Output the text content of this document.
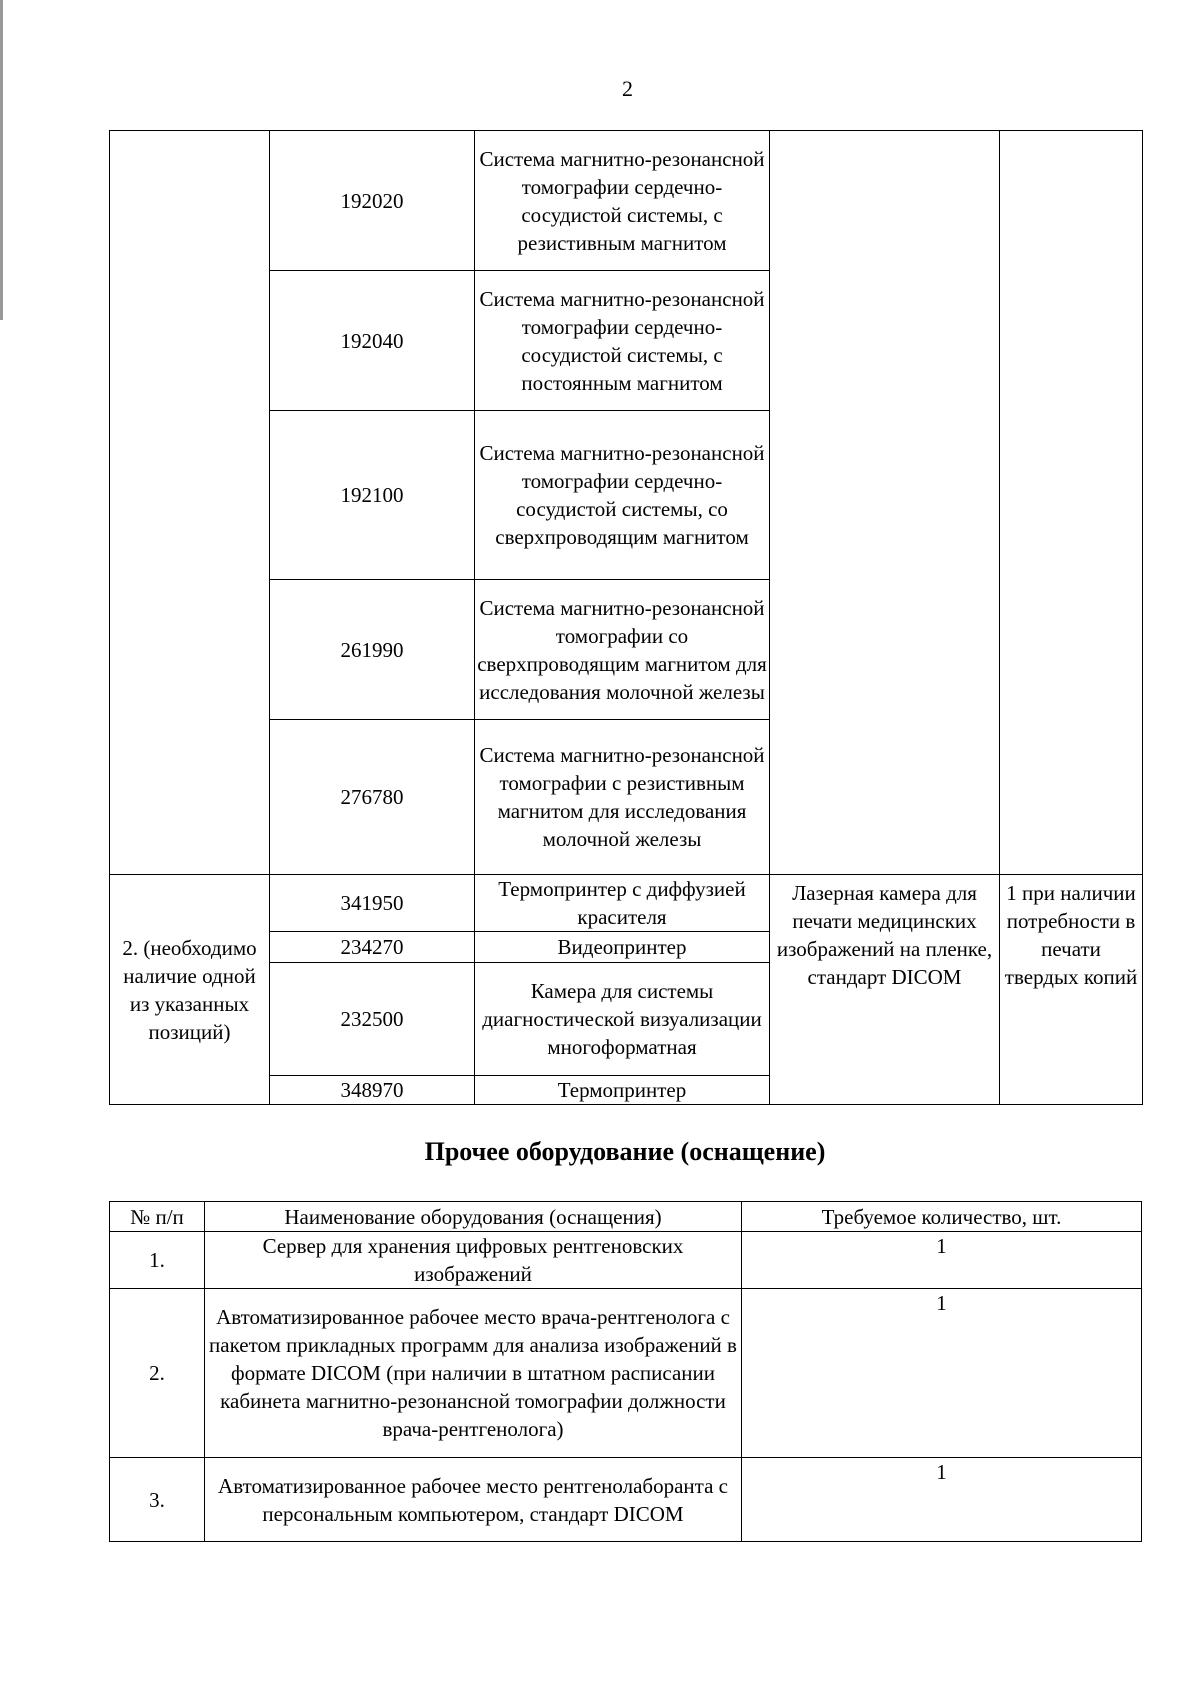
2
	192020	Система магнитно-резонансной томографии сердечно-сосудистой системы, с резистивным магнитом		
	192040	Система магнитно-резонансной томографии сердечно-сосудистой системы, с постоянным магнитом		
	192100	Система магнитно-резонансной томографии сердечно-сосудистой системы, со сверхпроводящим магнитом		
	261990	Система магнитно-резонансной томографии со сверхпроводящим магнитом для исследования молочной железы		
	276780	Система магнитно-резонансной томографии с резистивным магнитом для исследования молочной железы		
2. (необходимо наличие одной из указанных позиций)	341950	Термопринтер с диффузией красителя	Лазерная камера для печати медицинских изображений на пленке, стандарт DICOM	1 при наличии потребности в печати твердых копий
	234270	Видеопринтер		
	232500	Камера для системы диагностической визуализации многоформатная		
	348970	Термопринтер		
Прочее оборудование (оснащение)
№ п/п	Наименование оборудования (оснащения)	Требуемое количество, шт.
1.	Сервер для хранения цифровых рентгеновских изображений	1
2.	Автоматизированное рабочее место врача-рентгенолога с пакетом прикладных программ для анализа изображений в формате DICOM (при наличии в штатном расписании кабинета магнитно-резонансной томографии должности врача-рентгенолога)	1
3.	Автоматизированное рабочее место рентгенолаборанта с персональным компьютером, стандарт DICOM	1
